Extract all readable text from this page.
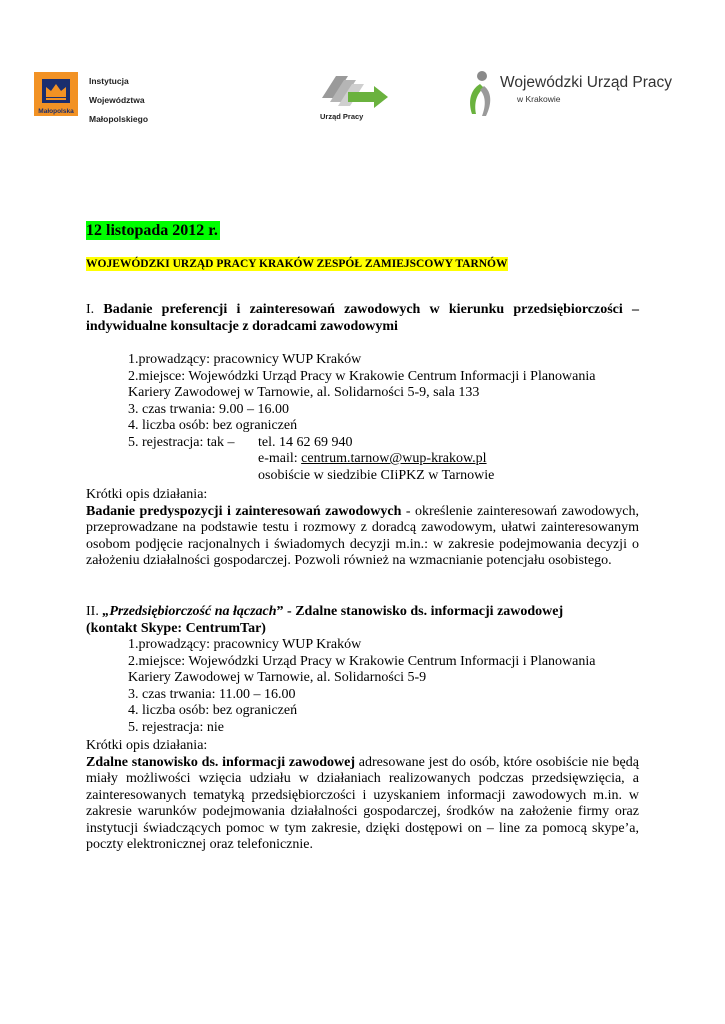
Małopolska
Instytucja
Województwa
Małopolskiego	Urząd Pracy
Wojewódzki Urząd Pracy
w Krakowie
12 listopada 2012 r.
WOJEWÓDZKI URZĄD PRACY KRAKÓW ZESPÓŁ ZAMIEJSCOWY TARNÓW
I. Badanie preferencji i zainteresowań zawodowych w kierunku przedsiębiorczości –
indywidualne konsultacje z doradcami zawodowymi
1.prowadzący: pracownicy WUP Kraków
2.miejsce: Wojewódzki Urząd Pracy w Krakowie Centrum Informacji i Planowania
Kariery Zawodowej w Tarnowie, al. Solidarności 5-9, sala 133
3. czas trwania: 9.00 – 16.00
4. liczba osób: bez ograniczeń
5. rejestracja: tak – tel. 14 62 69 940
e-mail: centrum.tarnow@wup-krakow.pl
osobiście w siedzibie CIiPKZ w Tarnowie
Krótki opis działania:
Badanie predyspozycji i zainteresowań zawodowych - określenie zainteresowań zawodowych, przeprowadzane na podstawie testu i rozmowy z doradcą zawodowym, ułatwi zainteresowanym osobom podjęcie racjonalnych i świadomych decyzji m.in.: w zakresie podejmowania decyzji o założeniu działalności gospodarczej. Pozwoli również na wzmacnianie potencjału osobistego.
II. „Przedsiębiorczość na łączach” - Zdalne stanowisko ds. informacji zawodowej
(kontakt Skype: CentrumTar)
1.prowadzący: pracownicy WUP Kraków
2.miejsce: Wojewódzki Urząd Pracy w Krakowie Centrum Informacji i Planowania
Kariery Zawodowej w Tarnowie, al. Solidarności 5-9
3. czas trwania: 11.00 – 16.00
4. liczba osób: bez ograniczeń
5. rejestracja: nie
Krótki opis działania:
Zdalne stanowisko ds. informacji zawodowej adresowane jest do osób, które osobiście nie będą miały możliwości wzięcia udziału w działaniach realizowanych podczas przedsięwzięcia, a zainteresowanych tematyką przedsiębiorczości i uzyskaniem informacji zawodowych m.in. w zakresie warunków podejmowania działalności gospodarczej, środków na założenie firmy oraz instytucji świadczących pomoc w tym zakresie, dzięki dostępowi on – line za pomocą skype’a, poczty elektronicznej oraz telefonicznie.
